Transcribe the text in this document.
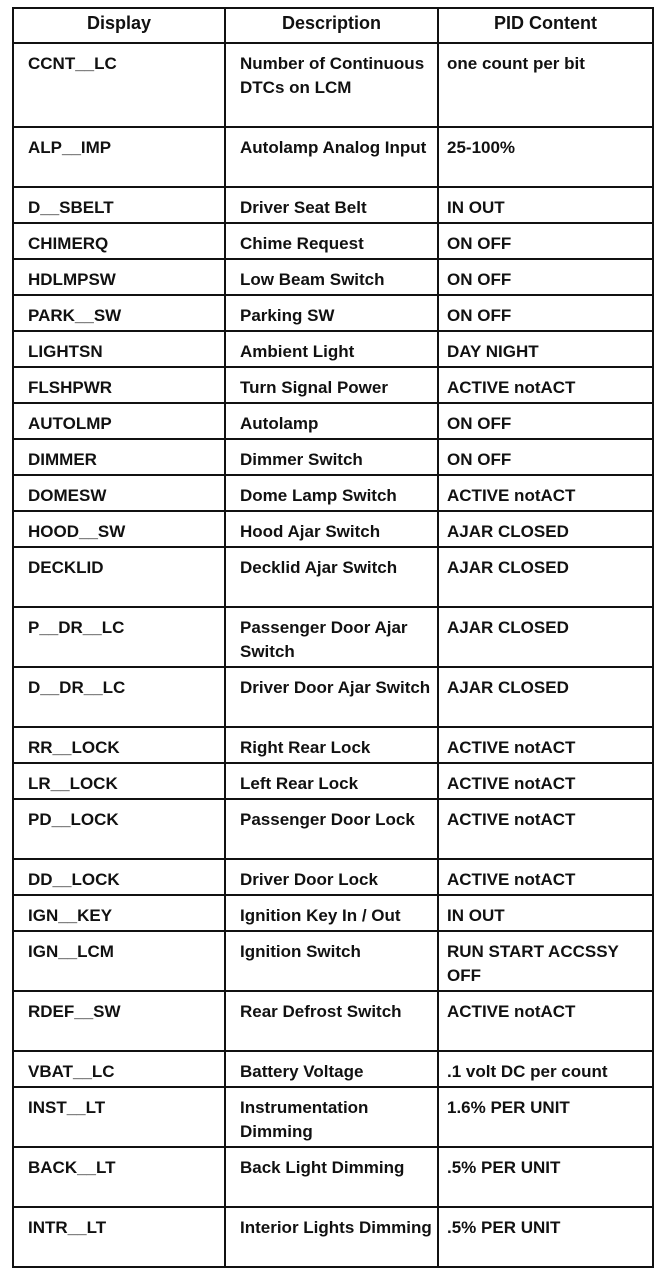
Display	Description	PID Content
CCNT__LC	Number of Continuous DTCs on LCM	one count per bit
ALP__IMP	Autolamp Analog Input	25-100%
D__SBELT	Driver Seat Belt	IN OUT
CHIMERQ	Chime Request	ON OFF
HDLMPSW	Low Beam Switch	ON OFF
PARK__SW	Parking SW	ON OFF
LIGHTSN	Ambient Light	DAY NIGHT
FLSHPWR	Turn Signal Power	ACTIVE notACT
AUTOLMP	Autolamp	ON OFF
DIMMER	Dimmer Switch	ON OFF
DOMESW	Dome Lamp Switch	ACTIVE notACT
HOOD__SW	Hood Ajar Switch	AJAR CLOSED
DECKLID	Decklid Ajar Switch	AJAR CLOSED
P__DR__LC	Passenger Door Ajar Switch	AJAR CLOSED
D__DR__LC	Driver Door Ajar Switch	AJAR CLOSED
RR__LOCK	Right Rear Lock	ACTIVE notACT
LR__LOCK	Left Rear Lock	ACTIVE notACT
PD__LOCK	Passenger Door Lock	ACTIVE notACT
DD__LOCK	Driver Door Lock	ACTIVE notACT
IGN__KEY	Ignition Key In / Out	IN OUT
IGN__LCM	Ignition Switch	RUN START ACCSSY OFF
RDEF__SW	Rear Defrost Switch	ACTIVE notACT
VBAT__LC	Battery Voltage	.1 volt DC per count
INST__LT	Instrumentation Dimming	1.6% PER UNIT
BACK__LT	Back Light Dimming	.5% PER UNIT
INTR__LT	Interior Lights Dimming	.5% PER UNIT
